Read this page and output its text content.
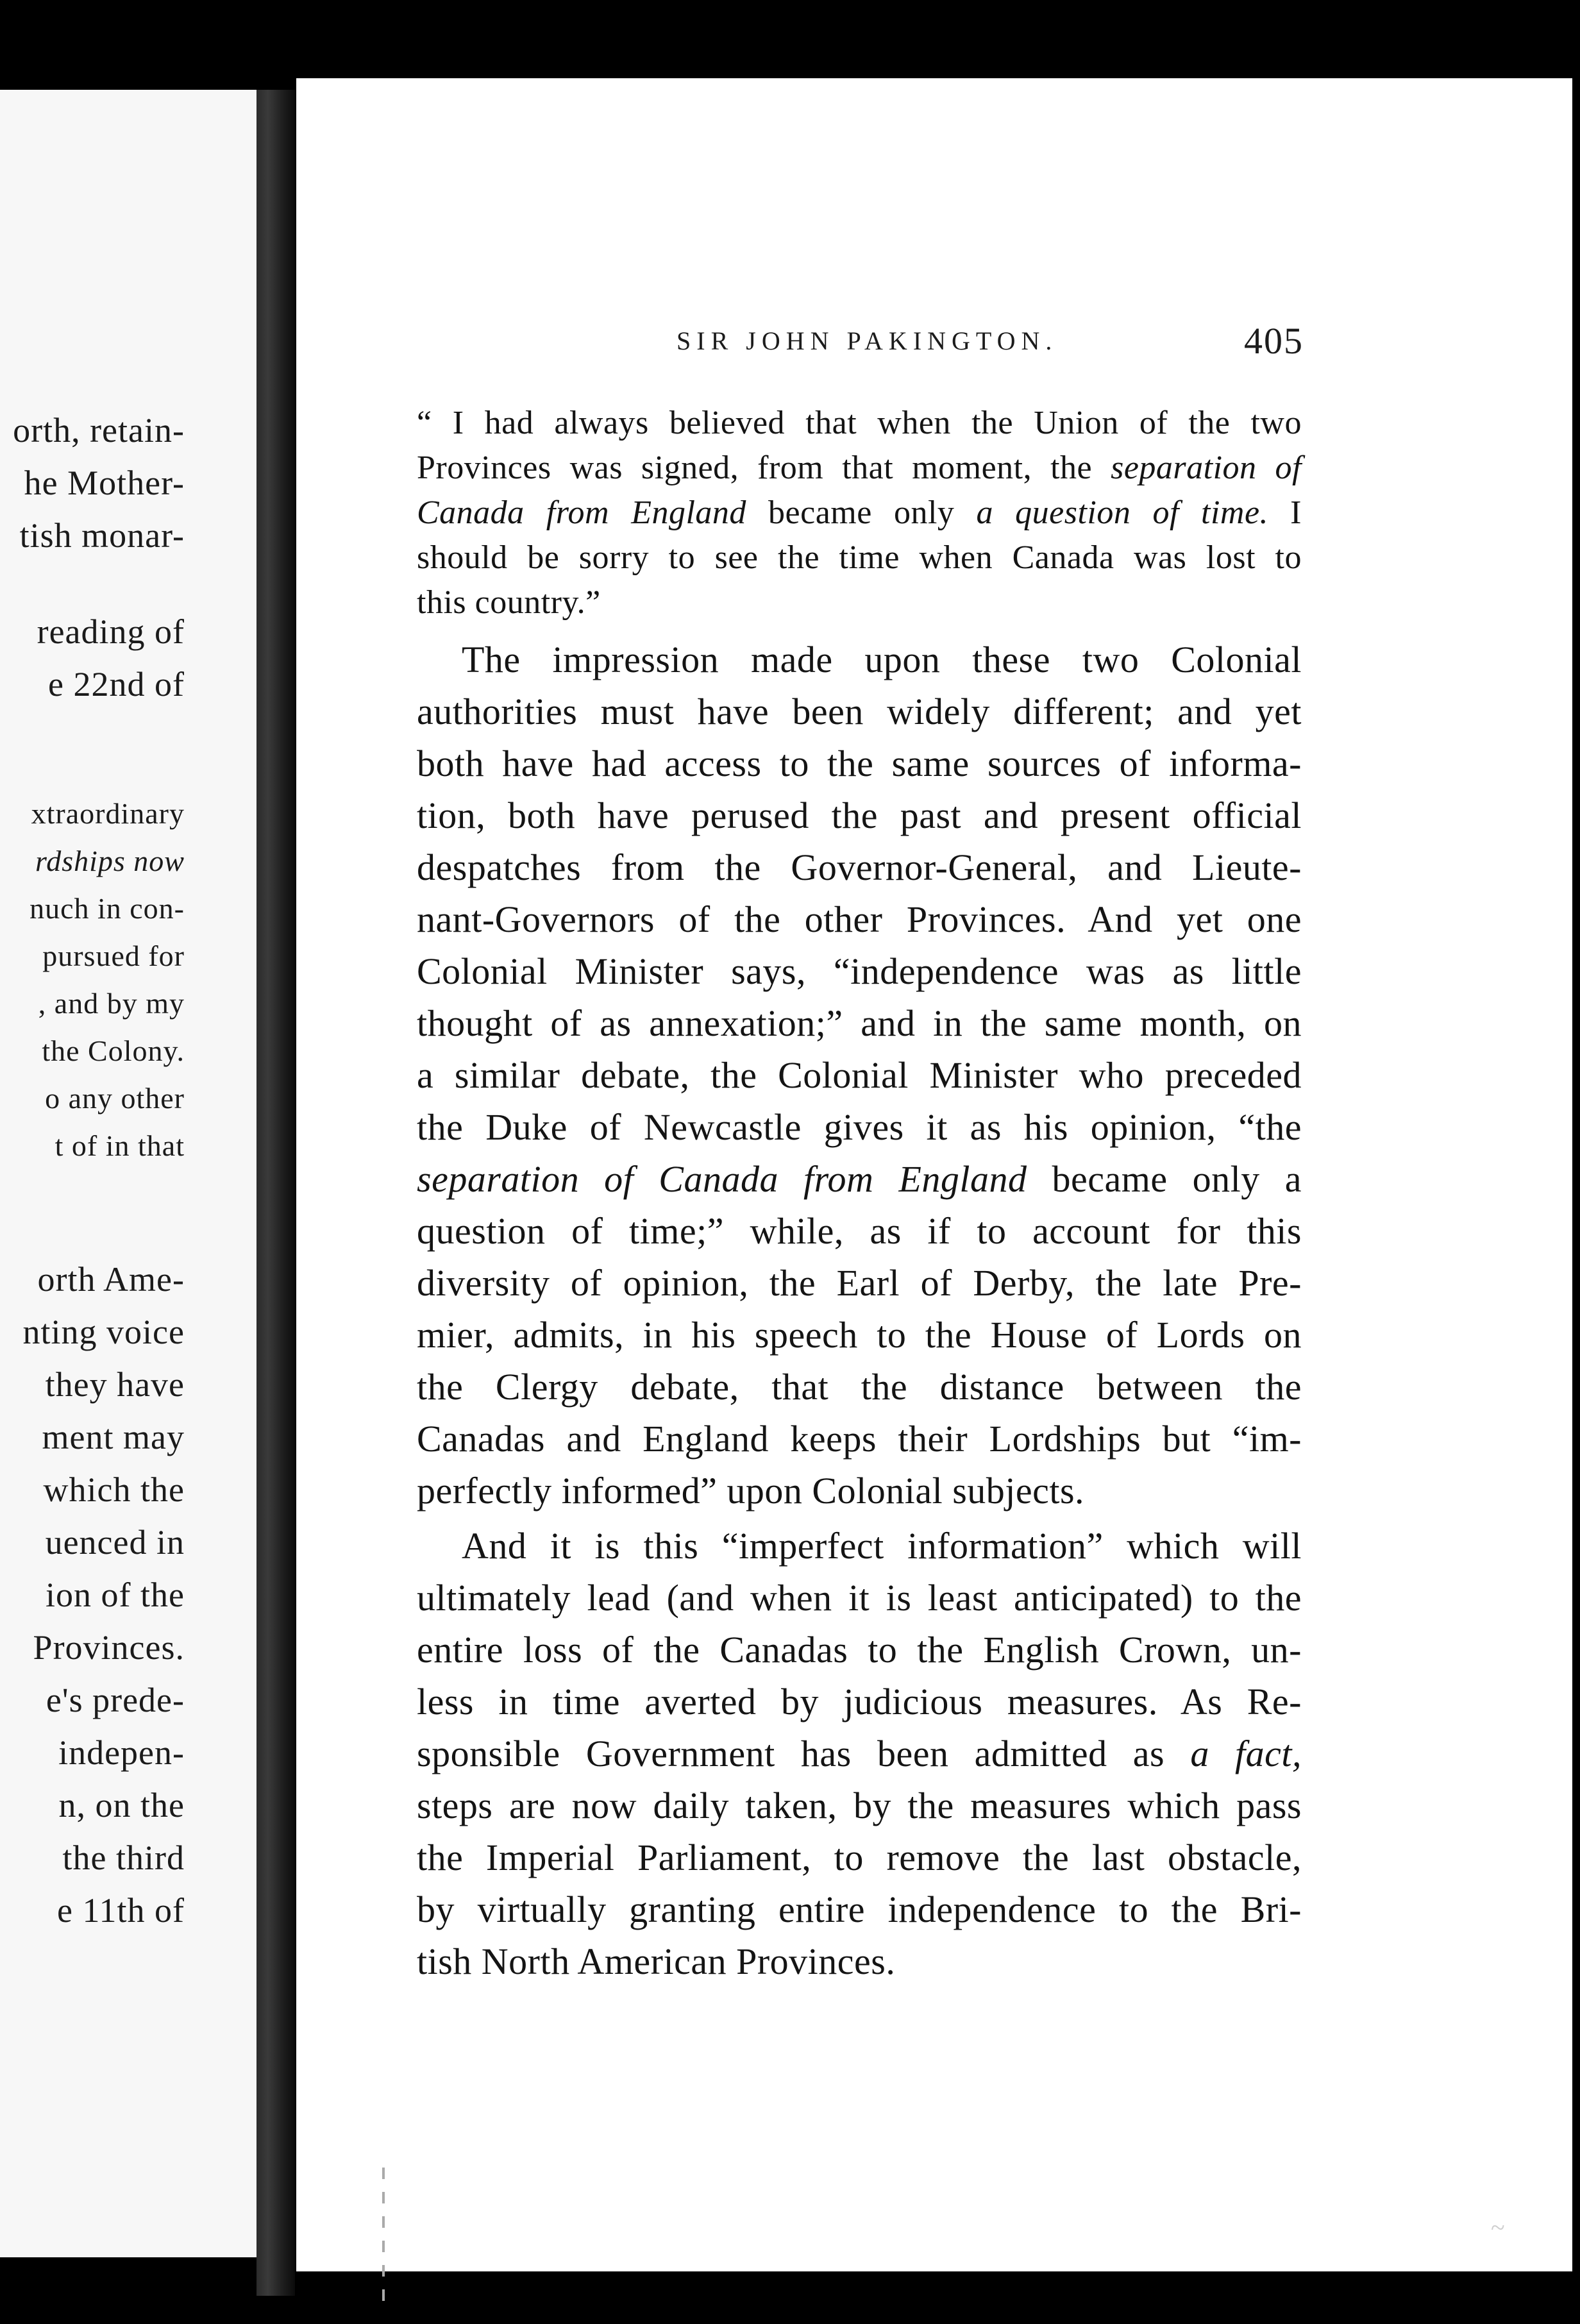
orth, retain-
he Mother-
tish monar-
reading of
e 22nd of
xtraordinary
rdships now
nuch in con-
pursued for
, and by my
the Colony.
o any other
t of in that
orth Ame-
nting voice
they have
ment may
which the
uenced in
ion of the
Provinces.
e's prede-
indepen-
n, on the
the third
e 11th of
SIR JOHN PAKINGTON.	405
“ I had always believed that when the Union of the two
Provinces was signed, from that moment, the separation of
Canada from England became only a question of time. I
should be sorry to see the time when Canada was lost to
this country.”
The impression made upon these two Colonial
authorities must have been widely different; and yet
both have had access to the same sources of informa-
tion, both have perused the past and present official
despatches from the Governor-General, and Lieute-
nant-Governors of the other Provinces. And yet one
Colonial Minister says, “independence was as little
thought of as annexation;” and in the same month, on
a similar debate, the Colonial Minister who preceded
the Duke of Newcastle gives it as his opinion, “the
separation of Canada from England became only a
question of time;” while, as if to account for this
diversity of opinion, the Earl of Derby, the late Pre-
mier, admits, in his speech to the House of Lords on
the Clergy debate, that the distance between the
Canadas and England keeps their Lordships but “im-
perfectly informed” upon Colonial subjects.
And it is this “imperfect information” which will
ultimately lead (and when it is least anticipated) to the
entire loss of the Canadas to the English Crown, un-
less in time averted by judicious measures. As Re-
sponsible Government has been admitted as a fact,
steps are now daily taken, by the measures which pass
the Imperial Parliament, to remove the last obstacle,
by virtually granting entire independence to the Bri-
tish North American Provinces.
~
